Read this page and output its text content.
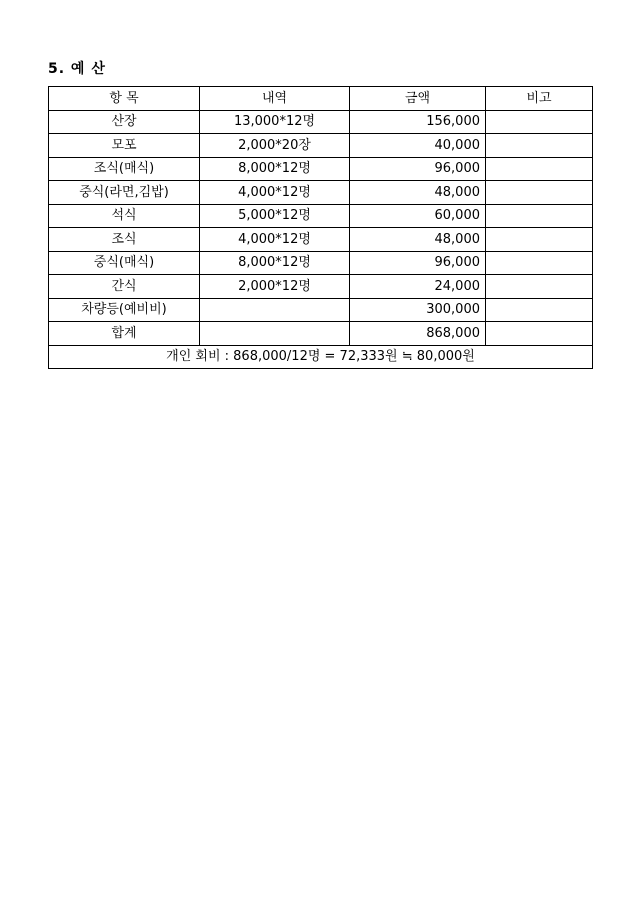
5. 예 산
항 목	내역	금액	비고
산장	13,000*12명	156,000	
모포	2,000*20장	40,000	
조식(매식)	8,000*12명	96,000	
중식(라면,김밥)	4,000*12명	48,000	
석식	5,000*12명	60,000	
조식	4,000*12명	48,000	
중식(매식)	8,000*12명	96,000	
간식	2,000*12명	24,000	
차량등(예비비)		300,000	
합계		868,000	
개인 회비 : 868,000/12명 = 72,333원 ≒ 80,000원			
